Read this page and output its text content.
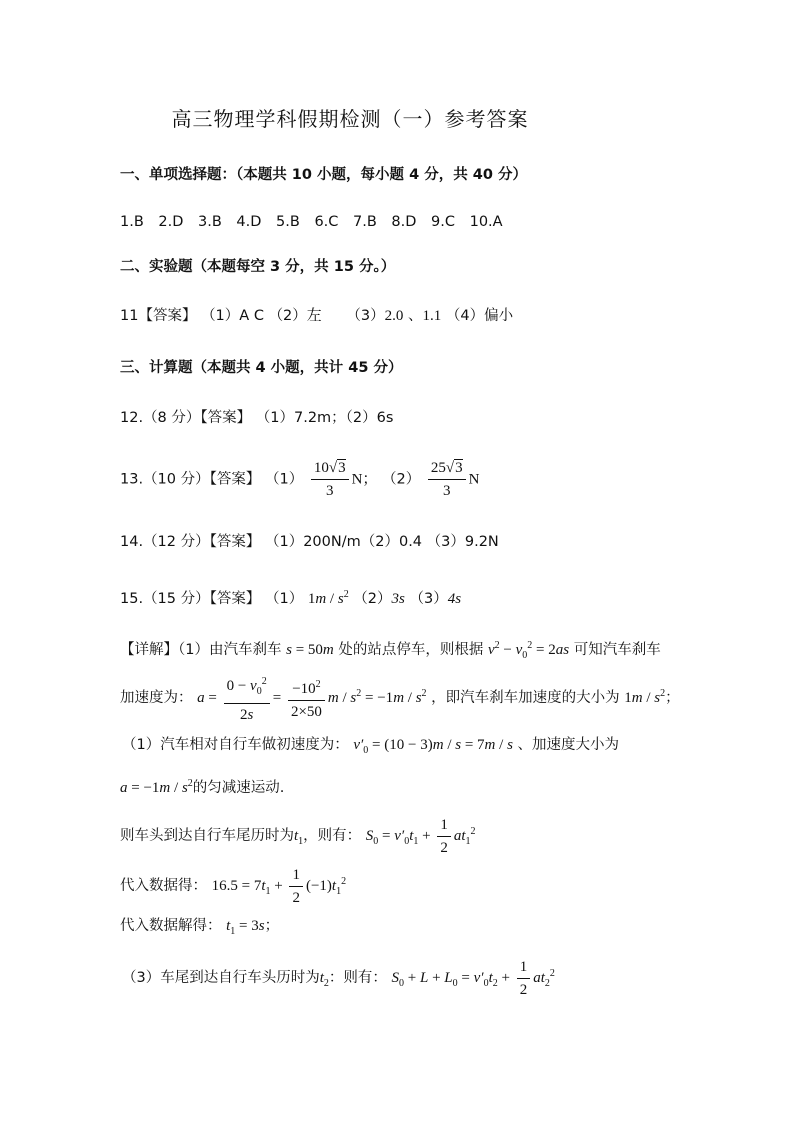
高三物理学科假期检测（一）参考答案
一、单项选择题：（本题共 10 小题，每小题 4 分，共 40 分）
1.B 2.D 3.B 4.D 5.B 6.C 7.B 8.D 9.C 10.A
二、实验题（本题每空 3 分，共 15 分。）
11【答案】 （1）A C （2）左 （3）2.0 、1.1 （4）偏小
三、计算题（本题共 4 小题，共计 45 分）
12.（8 分）【答案】 （1）7.2m；（2）6s
13.（10 分）【答案】 $(1) \frac{10√3}{3}$ N； $(2) \frac{25√3}{3}$ N
14.（12 分）【答案】 （1）200N/m（2）0.4 （3）9.2N
15.（15 分）【答案】 （1） $1m / s^2$ （2）3s （3）4s
【详解】（1）由汽车刹车 s = 50m 处的站点停车，则根据 $v^2 - v_0^2 = 2as$ 可知汽车刹车
加速度为： $a = \frac{0 - v_0^2}{2s} = \frac{-10^2}{2\times 50}$ $m / s^2 = -1m / s^2$ ，即汽车刹车加速度的大小为 $1m / s^2$；
（1）汽车相对自行车做初速度为： $v'_0 = (10 - 3)m / s = 7m / s$ 、加速度大小为
$a = -1m / s^2$的匀减速运动.
则车头到达自行车尾历时为$t_1$，则有： $S_0 = v'_0t_1 + \frac{1}{2} at_1^2$
代入数据得： $16.5 = 7t_1 + \frac{1}{2} (-1)t_1^2$
代入数据解得： $t_1 = 3s$；
（3）车尾到达自行车头历时为$t_2$：则有： $S_0 + L + L_0 = v'_0t_2 + \frac{1}{2} at_2^2$
